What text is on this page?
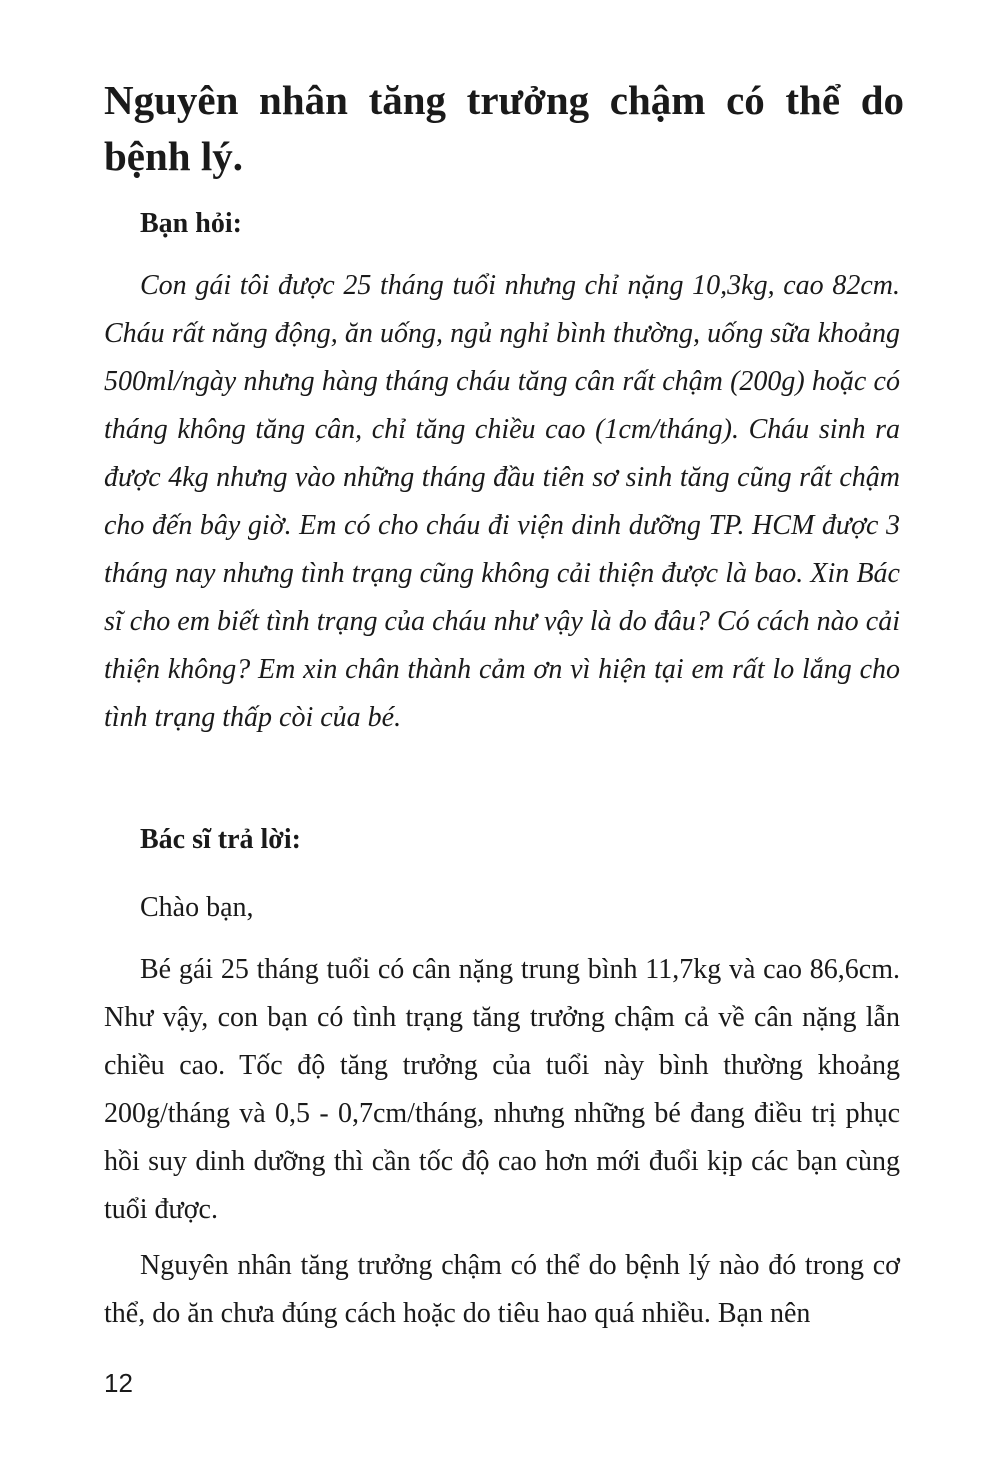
Nguyên nhân tăng trưởng chậm có thể do bệnh lý.
Bạn hỏi:

Con gái tôi được 25 tháng tuổi nhưng chỉ nặng 10,3kg, cao 82cm. Cháu rất năng động, ăn uống, ngủ nghỉ bình thường, uống sữa khoảng 500ml/ngày nhưng hàng tháng cháu tăng cân rất chậm (200g) hoặc có tháng không tăng cân, chỉ tăng chiều cao (1cm/tháng). Cháu sinh ra được 4kg nhưng vào những tháng đầu tiên sơ sinh tăng cũng rất chậm cho đến bây giờ. Em có cho cháu đi viện dinh dưỡng TP. HCM được 3 tháng nay nhưng tình trạng cũng không cải thiện được là bao. Xin Bác sĩ cho em biết tình trạng của cháu như vậy là do đâu? Có cách nào cải thiện không? Em xin chân thành cảm ơn vì hiện tại em rất lo lắng cho tình trạng thấp còi của bé.

Bác sĩ trả lời:

Chào bạn,

Bé gái 25 tháng tuổi có cân nặng trung bình 11,7kg và cao 86,6cm. Như vậy, con bạn có tình trạng tăng trưởng chậm cả về cân nặng lẫn chiều cao. Tốc độ tăng trưởng của tuổi này bình thường khoảng 200g/tháng và 0,5 - 0,7cm/tháng, nhưng những bé đang điều trị phục hồi suy dinh dưỡng thì cần tốc độ cao hơn mới đuổi kịp các bạn cùng tuổi được.

Nguyên nhân tăng trưởng chậm có thể do bệnh lý nào đó trong cơ thể, do ăn chưa đúng cách hoặc do tiêu hao quá nhiều. Bạn nên

12
